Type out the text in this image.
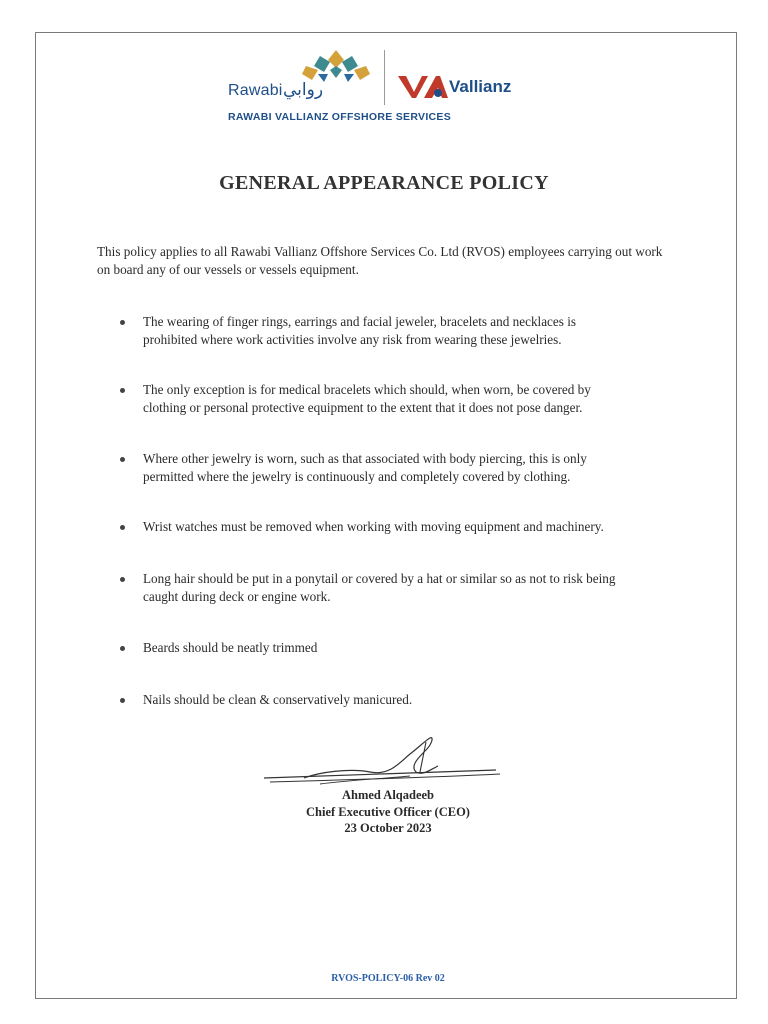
Rawabi روابي	Vallianz
RAWABI VALLIANZ OFFSHORE SERVICES
GENERAL APPEARANCE POLICY
This policy applies to all Rawabi Vallianz Offshore Services Co. Ltd (RVOS) employees carrying out work on board any of our vessels or vessels equipment.
The wearing of finger rings, earrings and facial jeweler, bracelets and necklaces is
prohibited where work activities involve any risk from wearing these jewelries.
The only exception is for medical bracelets which should, when worn, be covered by
clothing or personal protective equipment to the extent that it does not pose danger.
Where other jewelry is worn, such as that associated with body piercing, this is only
permitted where the jewelry is continuously and completely covered by clothing.
Wrist watches must be removed when working with moving equipment and machinery.
Long hair should be put in a ponytail or covered by a hat or similar so as not to risk being
caught during deck or engine work.
Beards should be neatly trimmed
Nails should be clean & conservatively manicured.
Ahmed Alqadeeb
Chief Executive Officer (CEO)
23 October 2023
RVOS-POLICY-06 Rev 02
